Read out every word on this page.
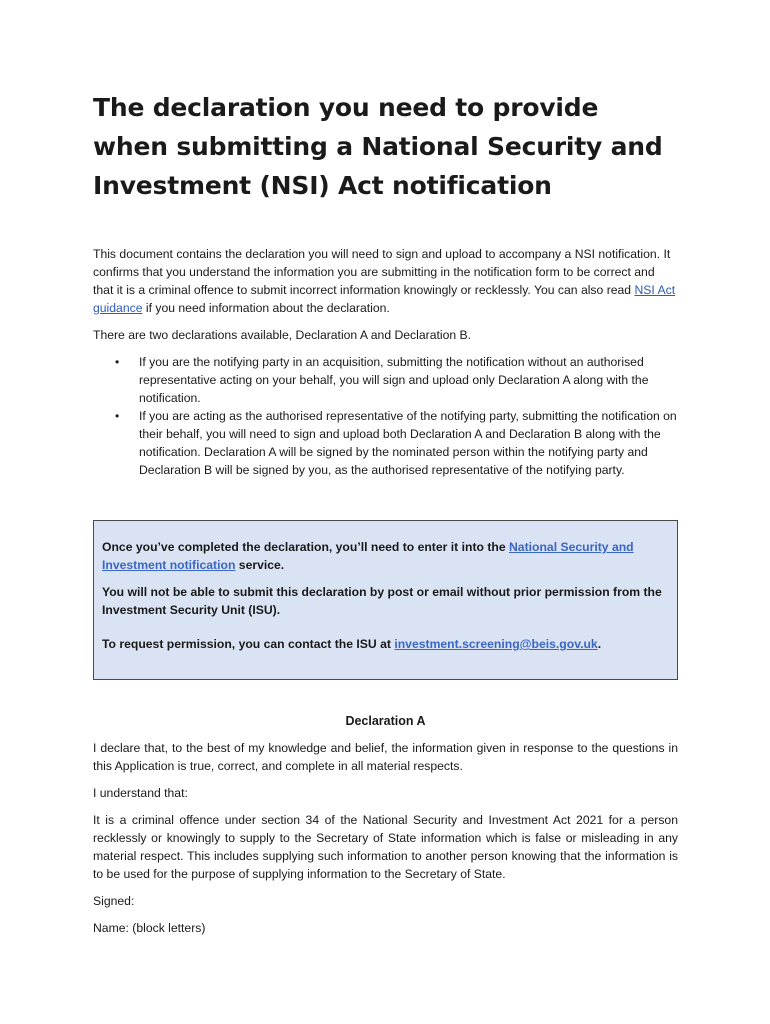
The declaration you need to provide when submitting a National Security and Investment (NSI) Act notification

This document contains the declaration you will need to sign and upload to accompany a NSI notification. It confirms that you understand the information you are submitting in the notification form to be correct and that it is a criminal offence to submit incorrect information knowingly or recklessly. You can also read NSI Act guidance if you need information about the declaration.

There are two declarations available, Declaration A and Declaration B.

• If you are the notifying party in an acquisition, submitting the notification without an authorised representative acting on your behalf, you will sign and upload only Declaration A along with the notification.
• If you are acting as the authorised representative of the notifying party, submitting the notification on their behalf, you will need to sign and upload both Declaration A and Declaration B along with the notification. Declaration A will be signed by the nominated person within the notifying party and Declaration B will be signed by you, as the authorised representative of the notifying party.

Once you’ve completed the declaration, you’ll need to enter it into the National Security and Investment notification service.

You will not be able to submit this declaration by post or email without prior permission from the Investment Security Unit (ISU).

To request permission, you can contact the ISU at investment.screening@beis.gov.uk.

Declaration A

I declare that, to the best of my knowledge and belief, the information given in response to the questions in this Application is true, correct, and complete in all material respects.

I understand that:

It is a criminal offence under section 34 of the National Security and Investment Act 2021 for a person recklessly or knowingly to supply to the Secretary of State information which is false or misleading in any material respect. This includes supplying such information to another person knowing that the information is to be used for the purpose of supplying information to the Secretary of State.

Signed:

Name: (block letters)
